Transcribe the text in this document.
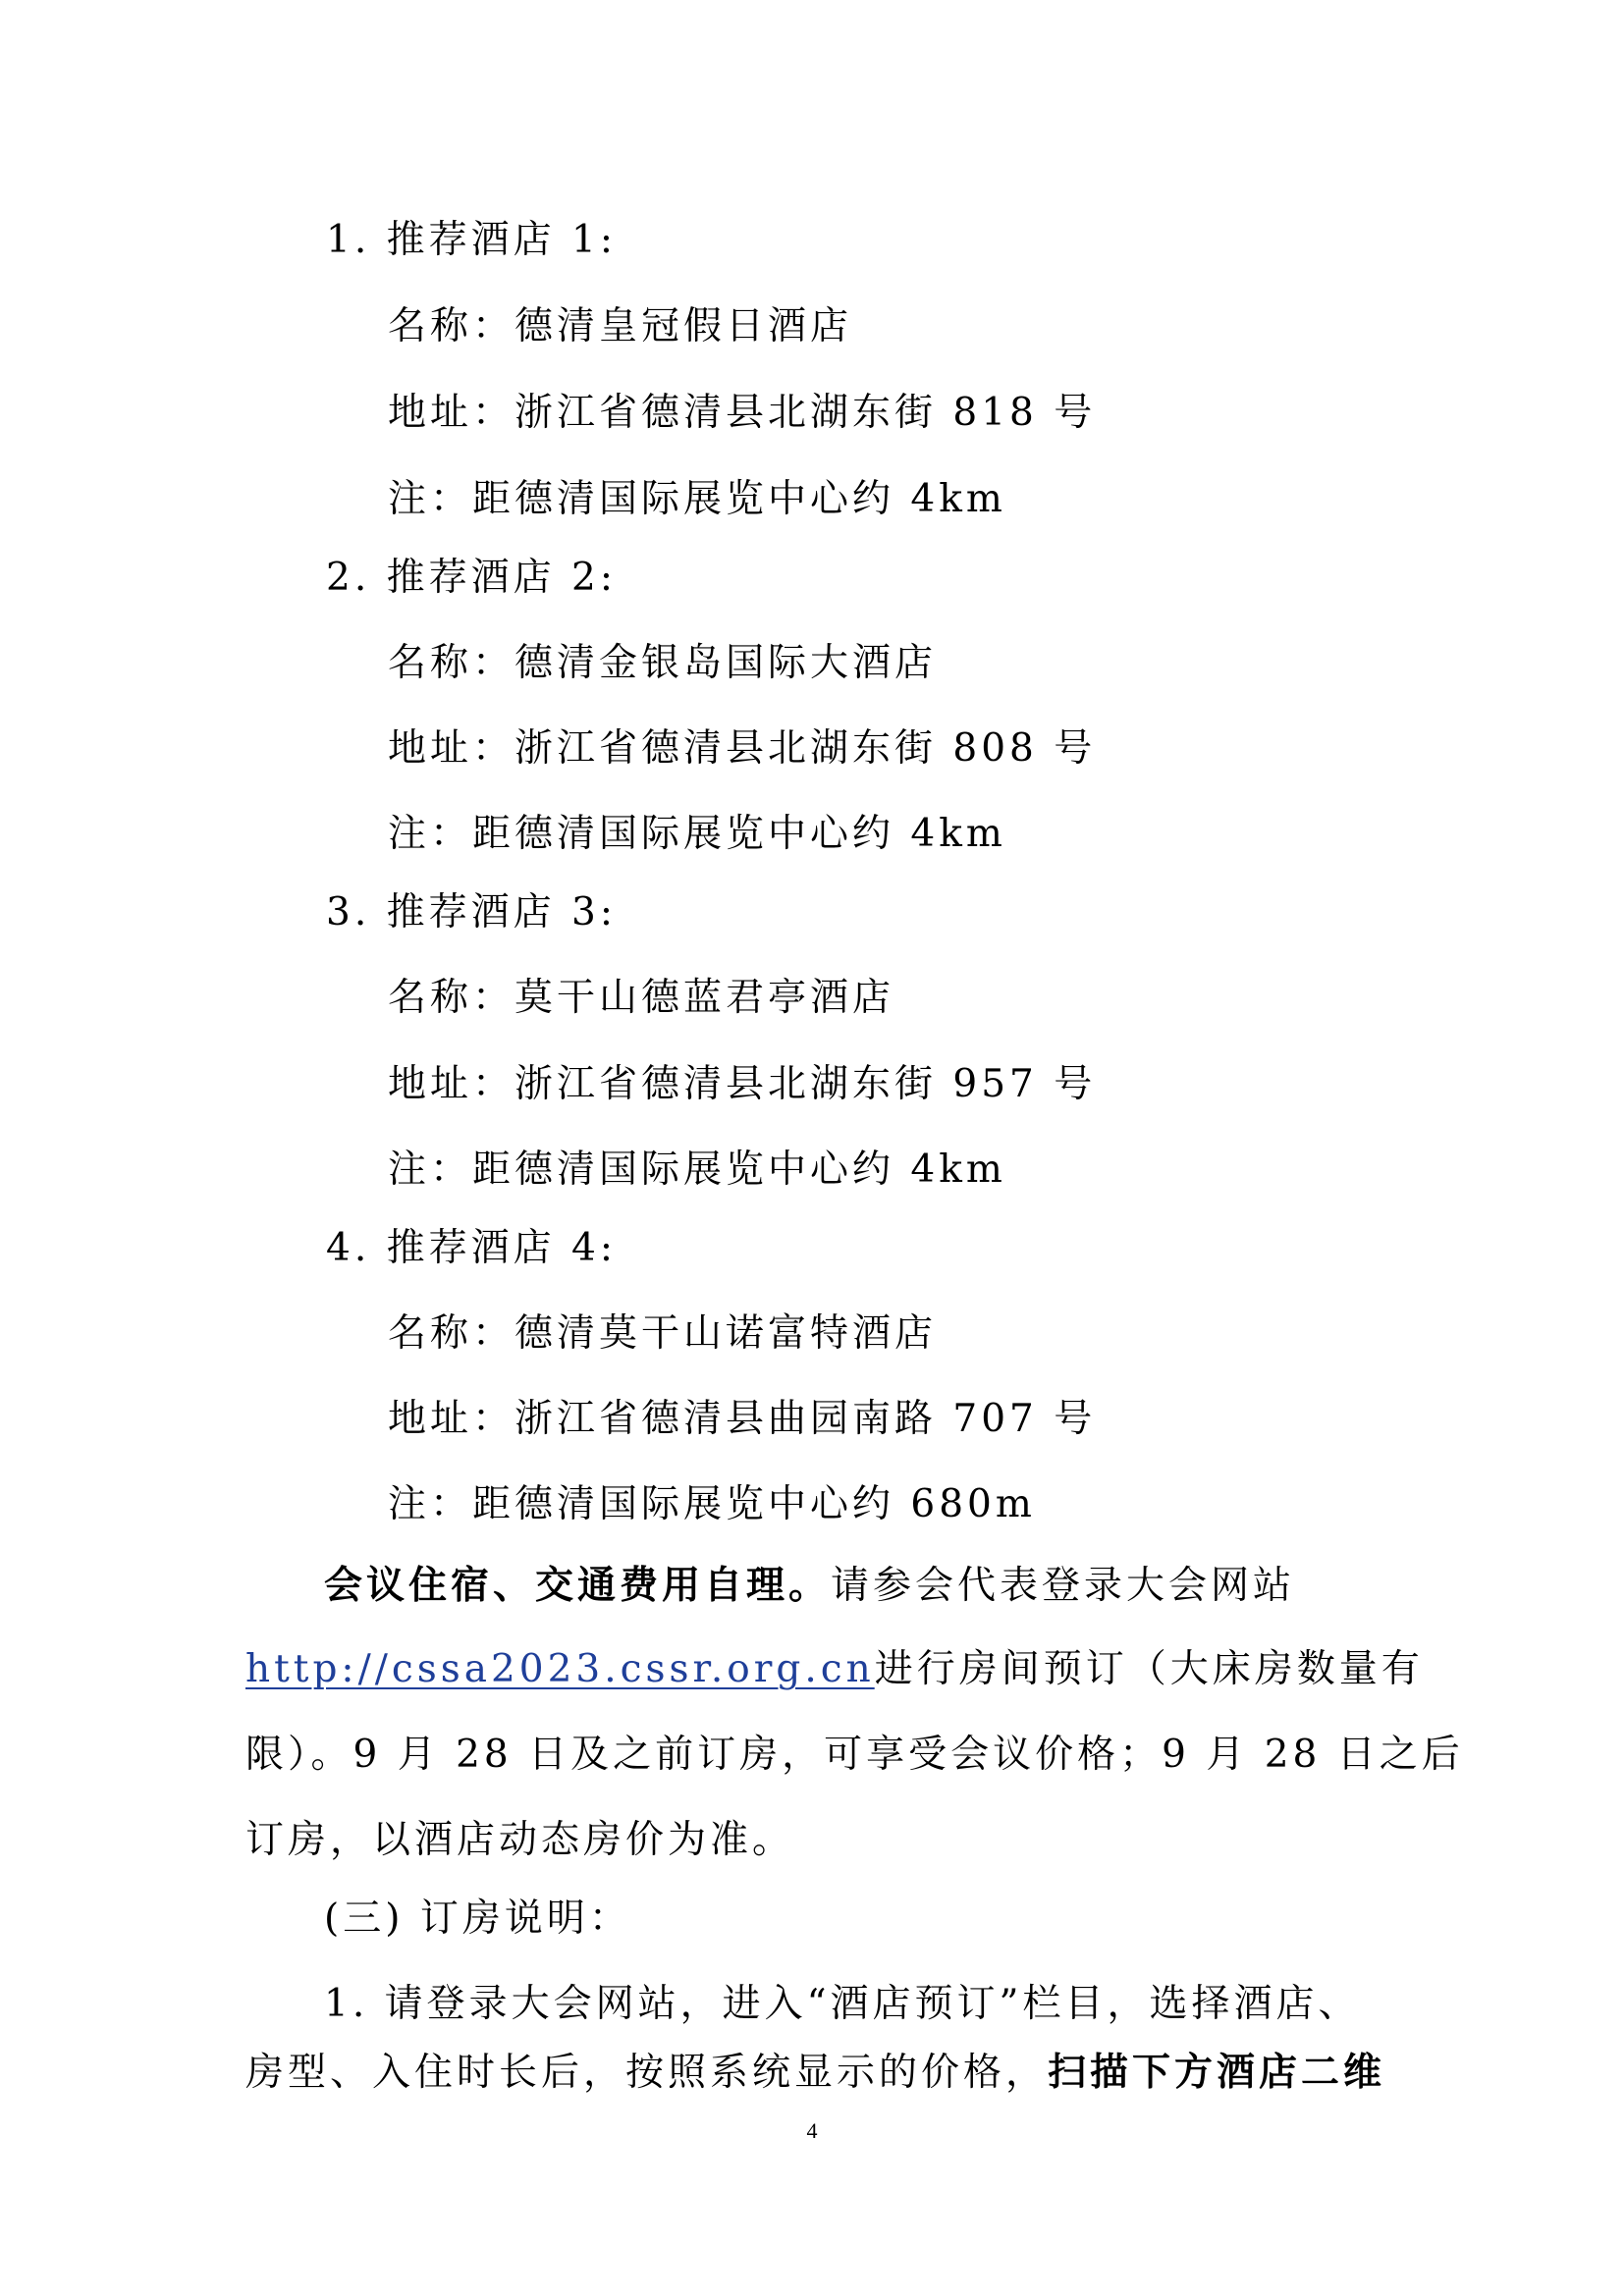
1. 推荐酒店 1:
名称：德清皇冠假日酒店
地址：浙江省德清县北湖东街 818 号
注：距德清国际展览中心约 4km
2. 推荐酒店 2:
名称：德清金银岛国际大酒店
地址：浙江省德清县北湖东街 808 号
注：距德清国际展览中心约 4km
3. 推荐酒店 3:
名称：莫干山德蓝君亭酒店
地址：浙江省德清县北湖东街 957 号
注：距德清国际展览中心约 4km
4. 推荐酒店 4:
名称：德清莫干山诺富特酒店
地址：浙江省德清县曲园南路 707 号
注：距德清国际展览中心约 680m
会议住宿、交通费用自理。请参会代表登录大会网站
http://cssa2023.cssr.org.cn进行房间预订（大床房数量有
限）。9 月 28 日及之前订房，可享受会议价格；9 月 28 日之后
订房，以酒店动态房价为准。
(三) 订房说明：
1. 请登录大会网站，进入“酒店预订”栏目，选择酒店、
房型、入住时长后，按照系统显示的价格，扫描下方酒店二维
4
